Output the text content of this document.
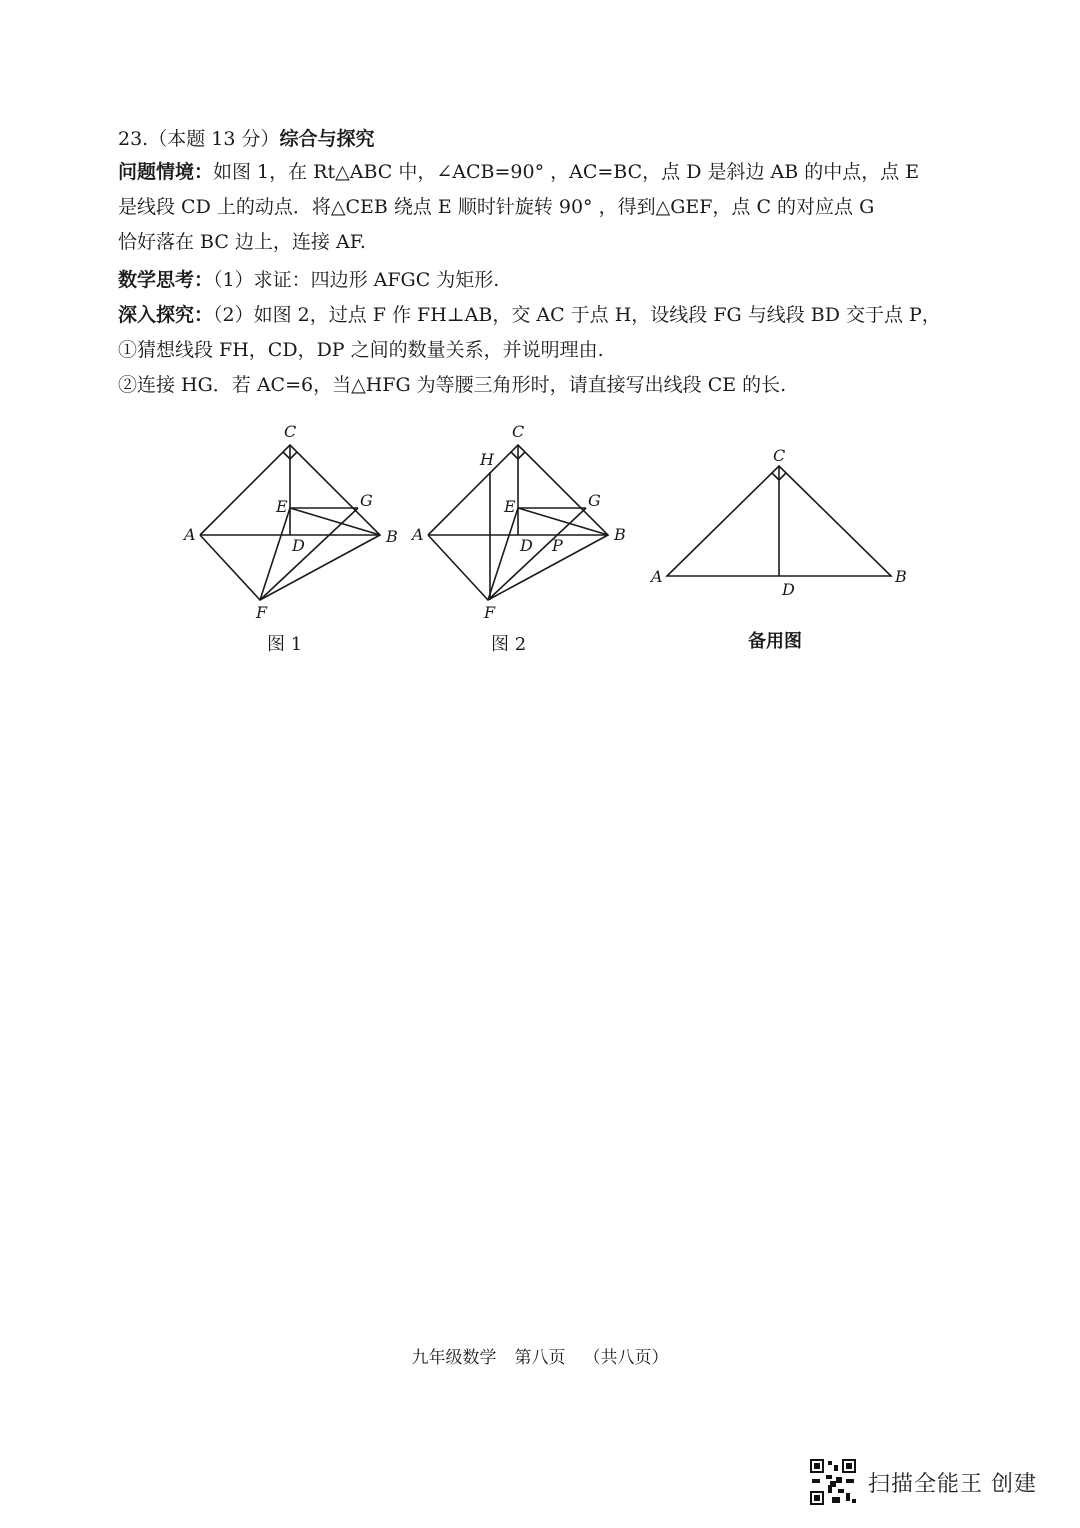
23.（本题 13 分）综合与探究
问题情境：如图 1，在 Rt△ABC 中，∠ACB=90° ，AC=BC，点 D 是斜边 AB 的中点，点 E
是线段 CD 上的动点．将△CEB 绕点 E 顺时针旋转 90° ，得到△GEF，点 C 的对应点 G
恰好落在 BC 边上，连接 AF.
数学思考：（1）求证：四边形 AFGC 为矩形.
深入探究：（2）如图 2，过点 F 作 FH⊥AB，交 AC 于点 H，设线段 FG 与线段 BD 交于点 P，
①猜想线段 FH，CD，DP 之间的数量关系，并说明理由.
②连接 HG．若 AC=6，当△HFG 为等腰三角形时，请直接写出线段 CE 的长.
C
E	G
A
D	B
F
图 1
C
H
E	G
A
D P
B
F
图 2
C
A
D
B
备用图
九年级数学 第八页 （共八页）
扫描全能王 创建
